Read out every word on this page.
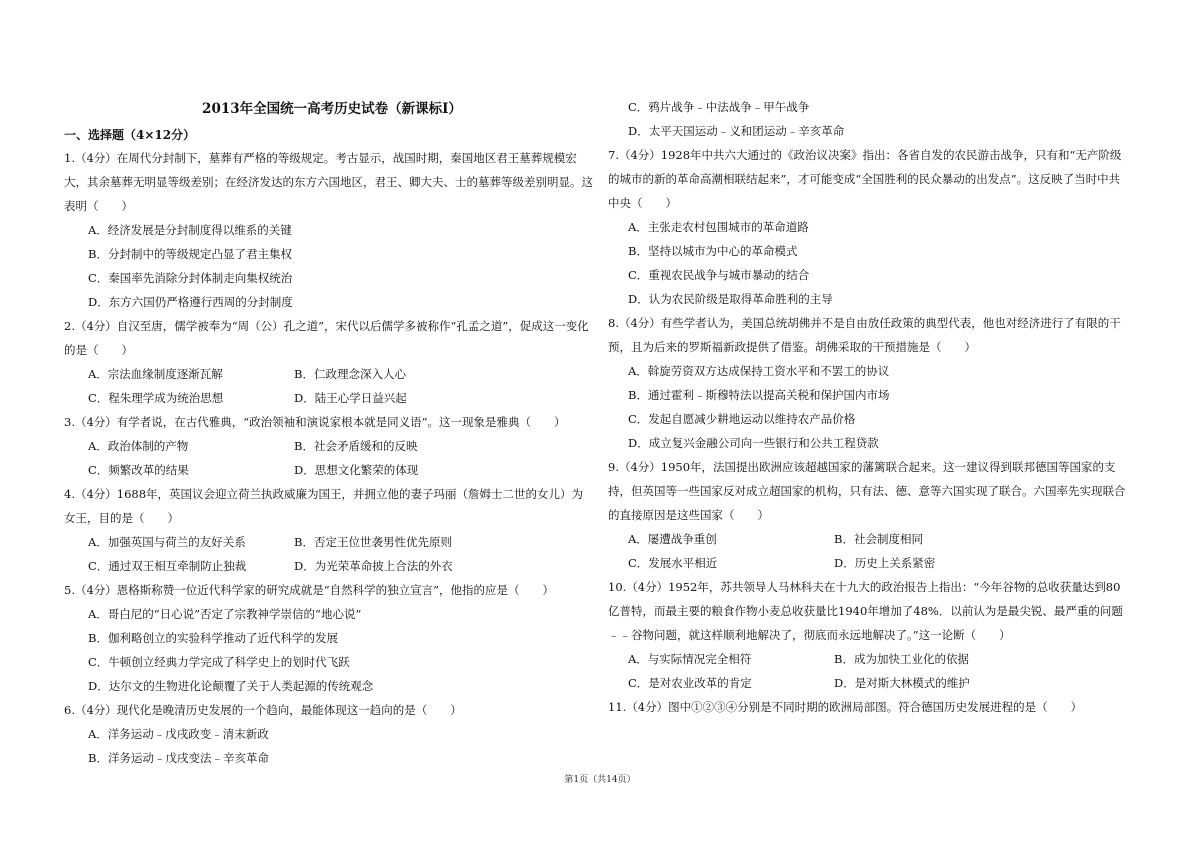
2013年全国统一高考历史试卷（新课标Ⅰ）
一、选择题（4×12分）
1.（4分）在周代分封制下，墓葬有严格的等级规定。考古显示，战国时期，秦国地区君王墓葬规模宏大，其余墓葬无明显等级差别；在经济发达的东方六国地区，君王、卿大夫、士的墓葬等级差别明显。这表明（　　）
A．经济发展是分封制度得以维系的关键
B．分封制中的等级规定凸显了君主集权
C．秦国率先消除分封体制走向集权统治
D．东方六国仍严格遵行西周的分封制度
2.（4分）自汉至唐，儒学被奉为“周（公）孔之道”，宋代以后儒学多被称作“孔孟之道”，促成这一变化的是（　　）
A．宗法血缘制度逐渐瓦解	B．仁政理念深入人心
C．程朱理学成为统治思想	D．陆王心学日益兴起
3.（4分）有学者说，在古代雅典，“政治领袖和演说家根本就是同义语”。这一现象是雅典（　　）
A．政治体制的产物	B．社会矛盾缓和的反映
C．频繁改革的结果	D．思想文化繁荣的体现
4.（4分）1688年，英国议会迎立荷兰执政威廉为国王，并拥立他的妻子玛丽（詹姆士二世的女儿）为女王，目的是（　　）
A．加强英国与荷兰的友好关系	B．否定王位世袭男性优先原则
C．通过双王相互牵制防止独裁	D．为光荣革命披上合法的外衣
5.（4分）恩格斯称赞一位近代科学家的研究成就是“自然科学的独立宣言”，他指的应是（　　）
A．哥白尼的“日心说”否定了宗教神学崇信的“地心说”
B．伽利略创立的实验科学推动了近代科学的发展
C．牛顿创立经典力学完成了科学史上的划时代飞跃
D．达尔文的生物进化论颠覆了关于人类起源的传统观念
6.（4分）现代化是晚清历史发展的一个趋向，最能体现这一趋向的是（　　）
A．洋务运动﹣戊戌政变﹣清末新政
B．洋务运动﹣戊戌变法﹣辛亥革命
C．鸦片战争﹣中法战争﹣甲午战争
D．太平天国运动﹣义和团运动﹣辛亥革命
7.（4分）1928年中共六大通过的《政治议决案》指出：各省自发的农民游击战争，只有和“无产阶级的城市的新的革命高潮相联结起来”，才可能变成“全国胜利的民众暴动的出发点”。这反映了当时中共中央（　　）
A．主张走农村包围城市的革命道路
B．坚持以城市为中心的革命模式
C．重视农民战争与城市暴动的结合
D．认为农民阶级是取得革命胜利的主导
8.（4分）有些学者认为，美国总统胡佛并不是自由放任政策的典型代表，他也对经济进行了有限的干预，且为后来的罗斯福新政提供了借鉴。胡佛采取的干预措施是（　　）
A．斡旋劳资双方达成保持工资水平和不罢工的协议
B．通过霍利﹣斯穆特法以提高关税和保护国内市场
C．发起自愿减少耕地运动以维持农产品价格
D．成立复兴金融公司向一些银行和公共工程贷款
9.（4分）1950年，法国提出欧洲应该超越国家的藩篱联合起来。这一建议得到联邦德国等国家的支持，但英国等一些国家反对成立超国家的机构，只有法、德、意等六国实现了联合。六国率先实现联合的直接原因是这些国家（　　）
A．屡遭战争重创	B．社会制度相同
C．发展水平相近	D．历史上关系紧密
10.（4分）1952年，苏共领导人马林科夫在十九大的政治报告上指出：“今年谷物的总收获量达到80亿普特，而最主要的粮食作物小麦总收获量比1940年增加了48%．以前认为是最尖锐、最严重的问题﹣﹣谷物问题，就这样顺利地解决了，彻底而永远地解决了。”这一论断（　　）
A．与实际情况完全相符	B．成为加快工业化的依据
C．是对农业改革的肯定	D．是对斯大林模式的维护
11.（4分）图中①②③④分别是不同时期的欧洲局部图。符合德国历史发展进程的是（　　）
第1页（共14页）
